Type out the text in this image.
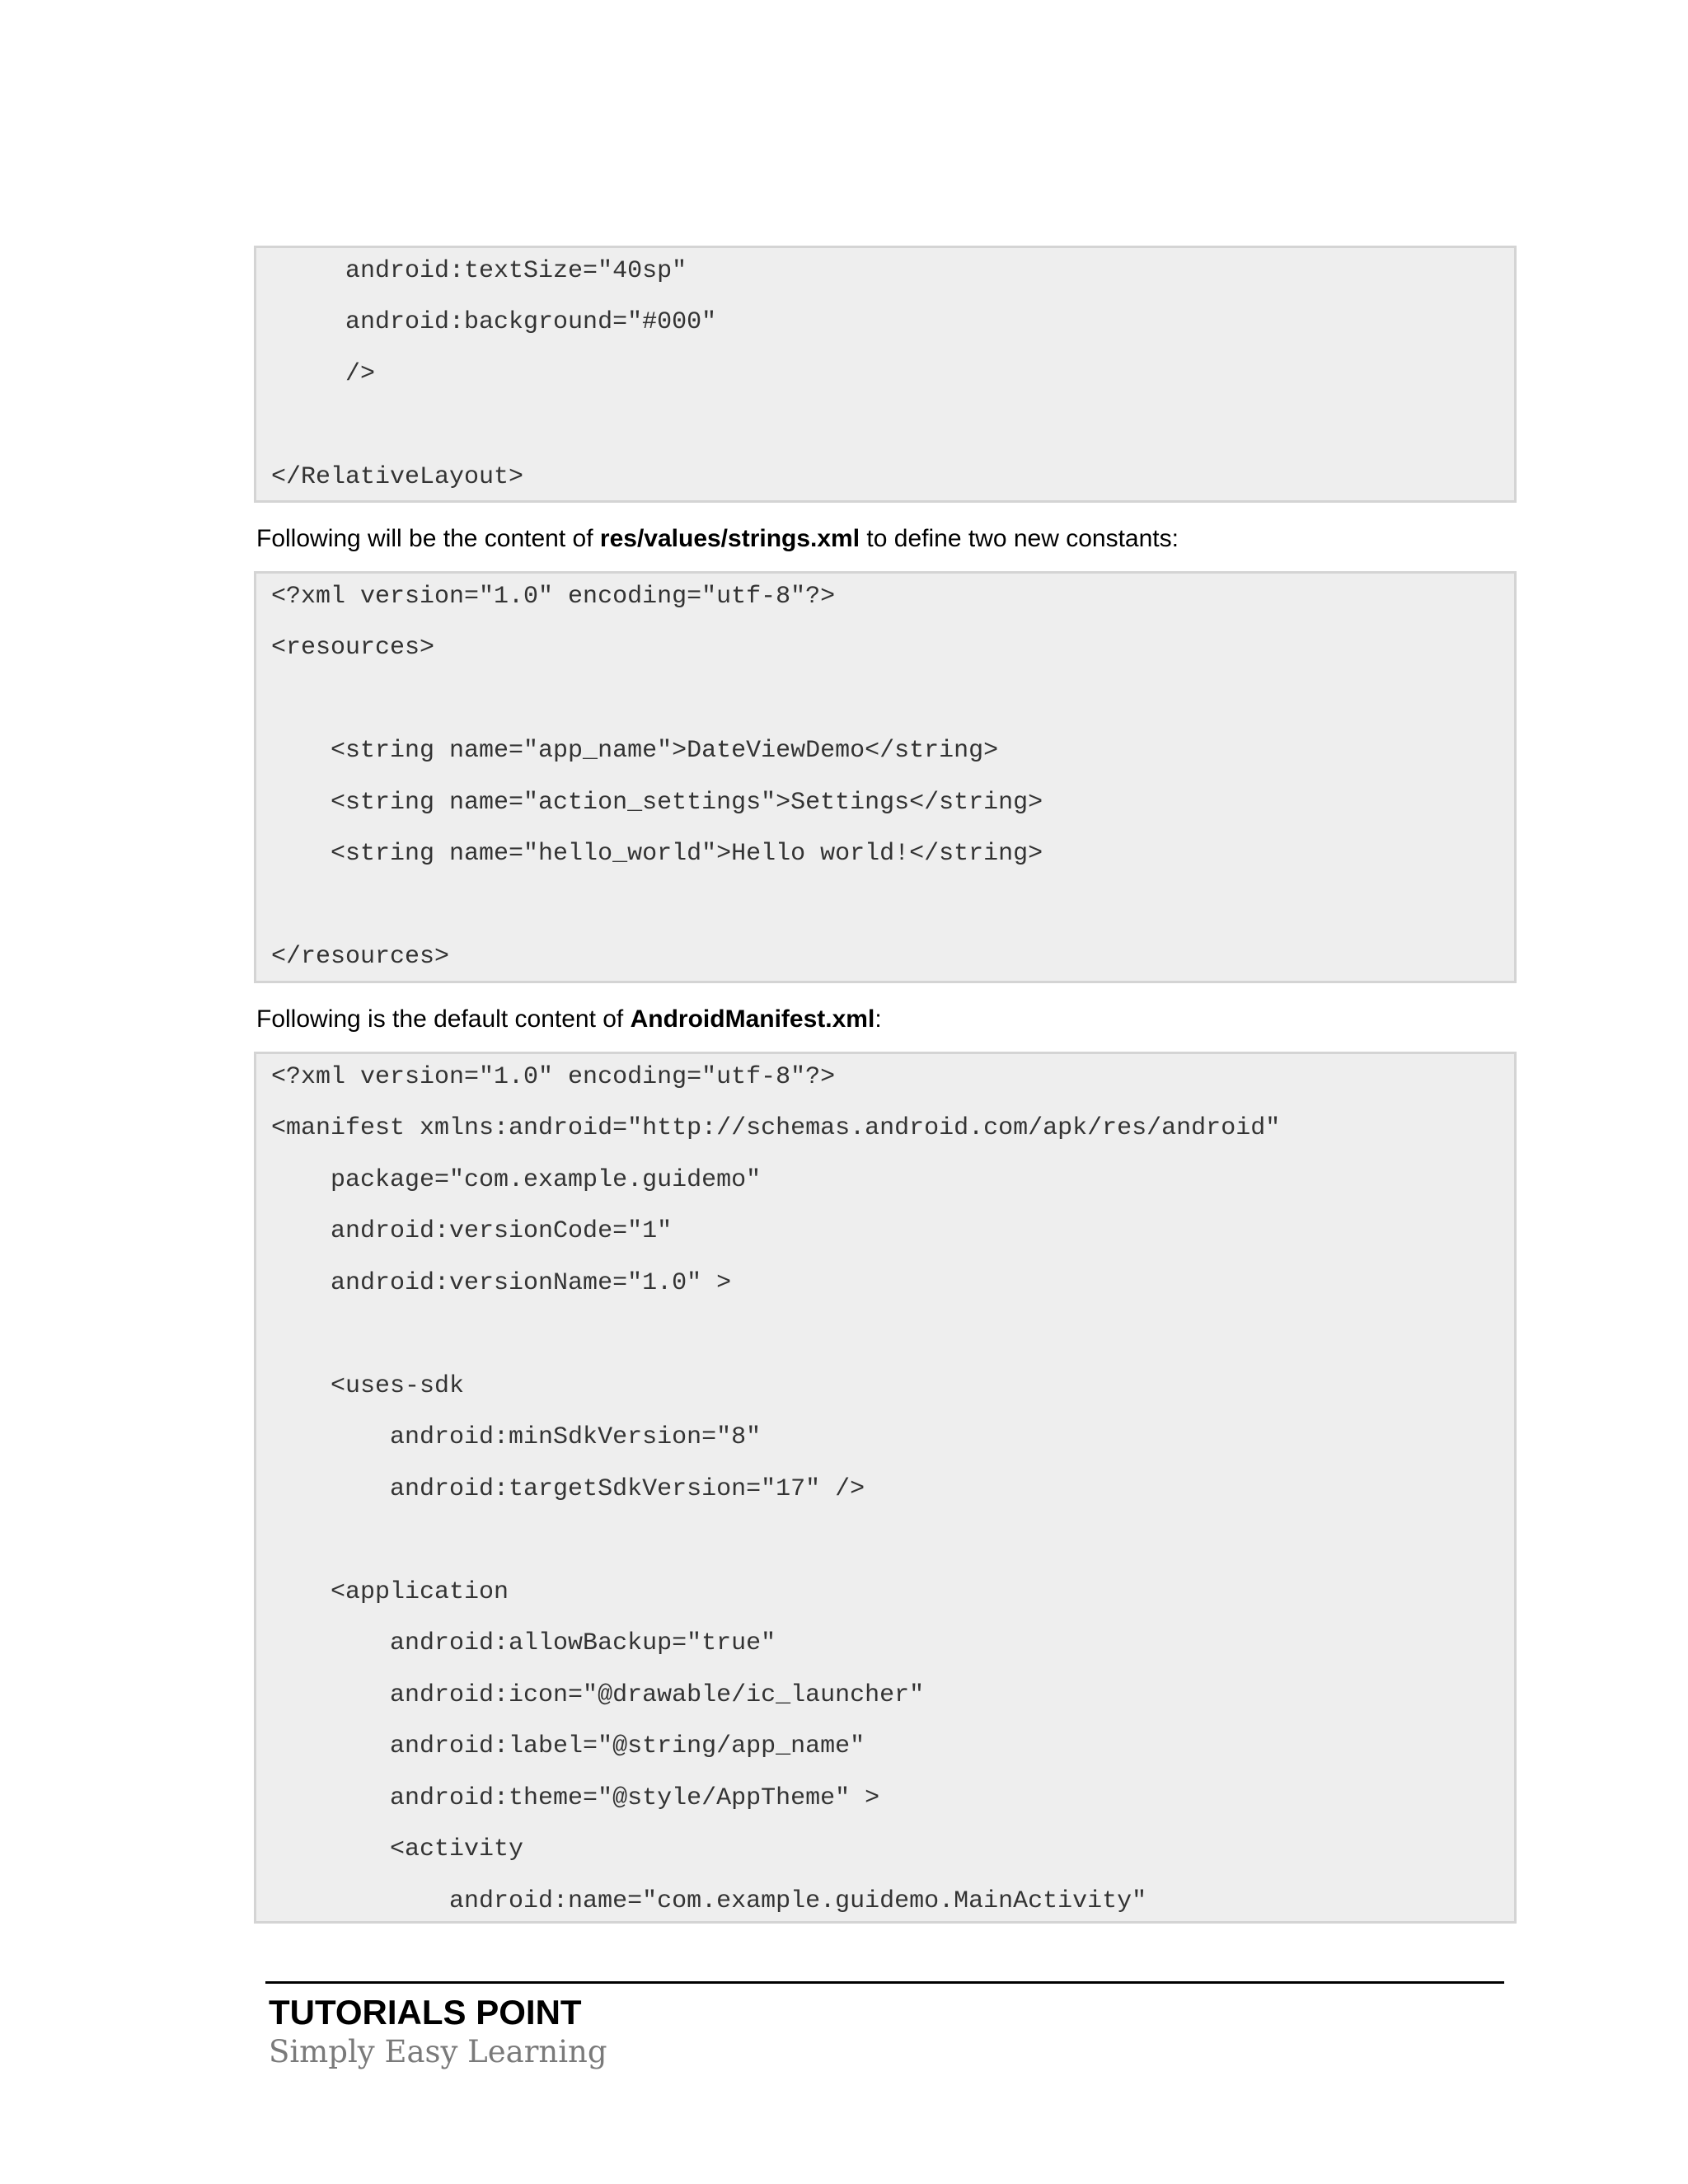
android:textSize="40sp"
android:background="#000"
/>
</RelativeLayout>
Following will be the content of res/values/strings.xml to define two new constants:
<?xml version="1.0" encoding="utf-8"?>
<resources>
<string name="app_name">DateViewDemo</string>
<string name="action_settings">Settings</string>
<string name="hello_world">Hello world!</string>
</resources>
Following is the default content of AndroidManifest.xml:
<?xml version="1.0" encoding="utf-8"?>
<manifest xmlns:android="http://schemas.android.com/apk/res/android"
package="com.example.guidemo"
android:versionCode="1"
android:versionName="1.0" >
<uses-sdk
android:minSdkVersion="8"
android:targetSdkVersion="17" />
<application
android:allowBackup="true"
android:icon="@drawable/ic_launcher"
android:label="@string/app_name"
android:theme="@style/AppTheme" >
<activity
android:name="com.example.guidemo.MainActivity"
TUTORIALS POINT
Simply Easy Learning
